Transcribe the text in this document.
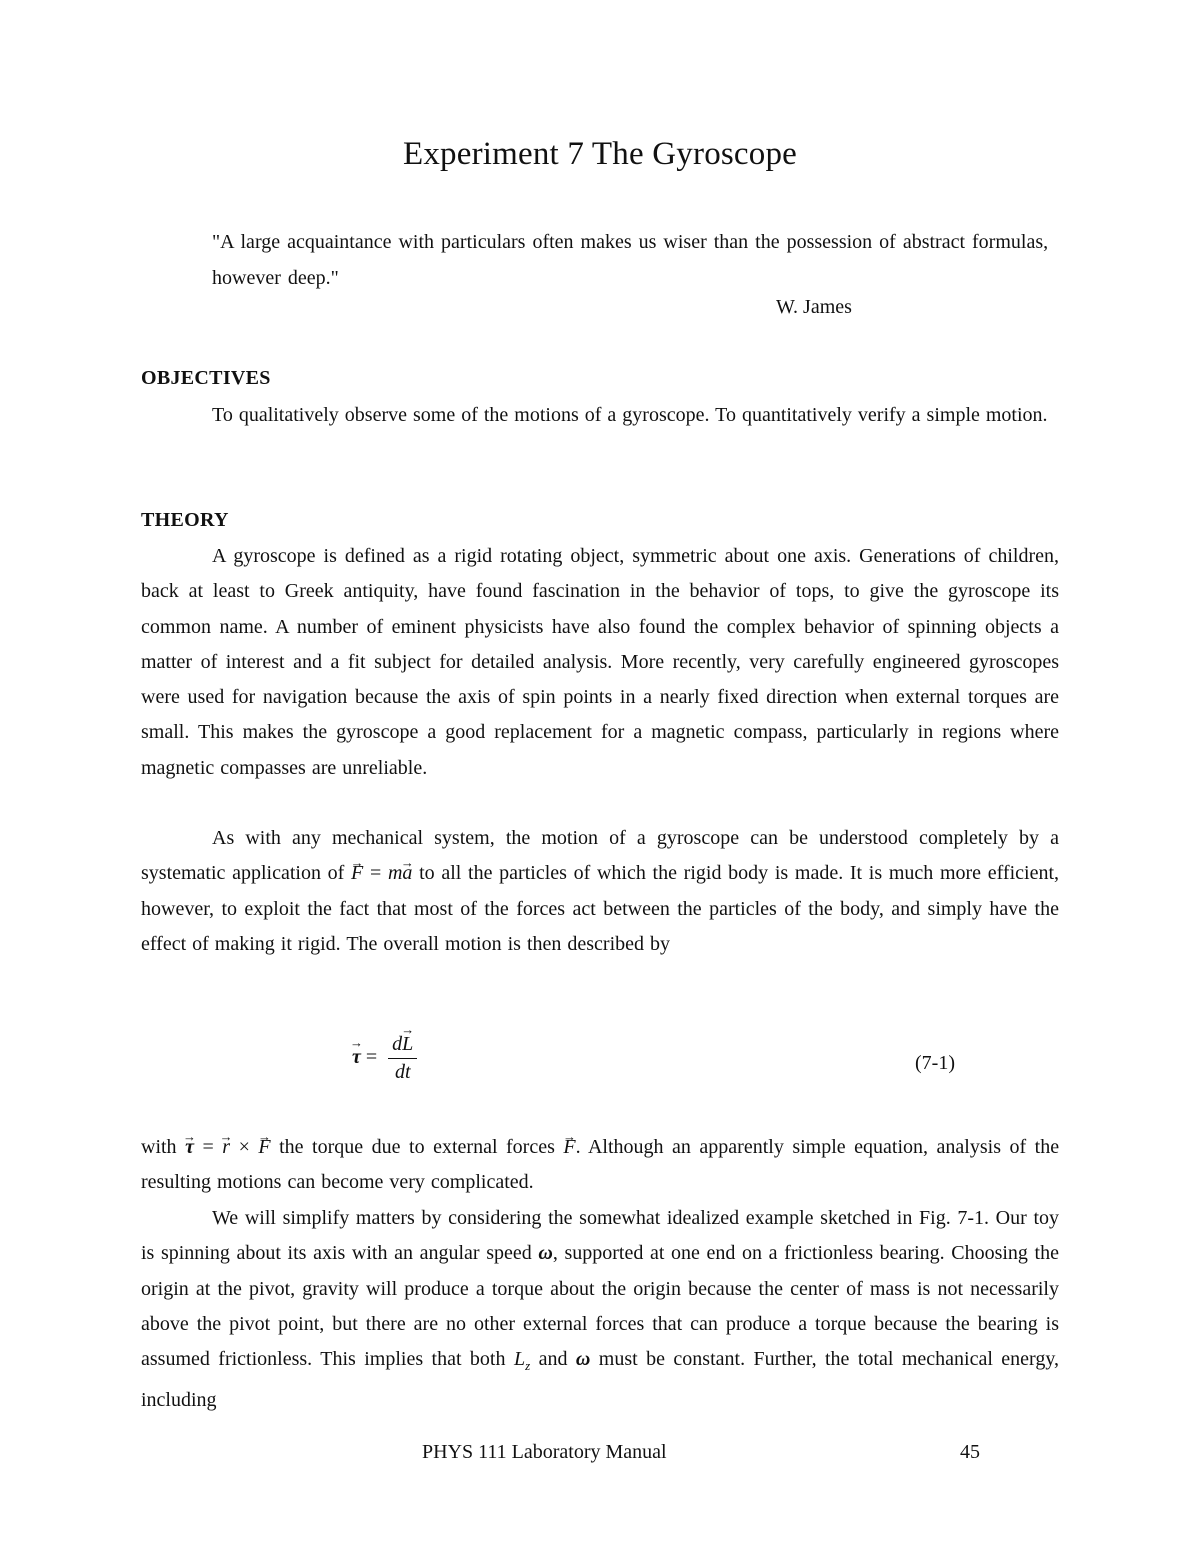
Experiment 7 The Gyroscope
"A large acquaintance with particulars often makes us wiser than the possession of abstract formulas, however deep."
W. James
OBJECTIVES
To qualitatively observe some of the motions of a gyroscope. To quantitatively verify a simple motion.
THEORY
A gyroscope is defined as a rigid rotating object, symmetric about one axis. Generations of children, back at least to Greek antiquity, have found fascination in the behavior of tops, to give the gyroscope its common name. A number of eminent physicists have also found the complex behavior of spinning objects a matter of interest and a fit subject for detailed analysis. More recently, very carefully engineered gyroscopes were used for navigation because the axis of spin points in a nearly fixed direction when external torques are small. This makes the gyroscope a good replacement for a magnetic compass, particularly in regions where magnetic compasses are unreliable.
As with any mechanical system, the motion of a gyroscope can be understood completely by a systematic application of → F = m→ a to all the particles of which the rigid body is made. It is much more efficient, however, to exploit the fact that most of the forces act between the particles of the body, and simply have the effect of making it rigid. The overall motion is then described by
→ $\tau = \frac{d\to L}{dt}$	(7-1)
with → τ = → r × → F the torque due to external forces → F. Although an apparently simple equation, analysis of the resulting motions can become very complicated.
We will simplify matters by considering the somewhat idealized example sketched in Fig. 7-1. Our toy is spinning about its axis with an angular speed ω, supported at one end on a frictionless bearing. Choosing the origin at the pivot, gravity will produce a torque about the origin because the center of mass is not necessarily above the pivot point, but there are no other external forces that can produce a torque because the bearing is assumed frictionless. This implies that both $L_z$ and ω must be constant. Further, the total mechanical energy, including
PHYS 111 Laboratory Manual	45
